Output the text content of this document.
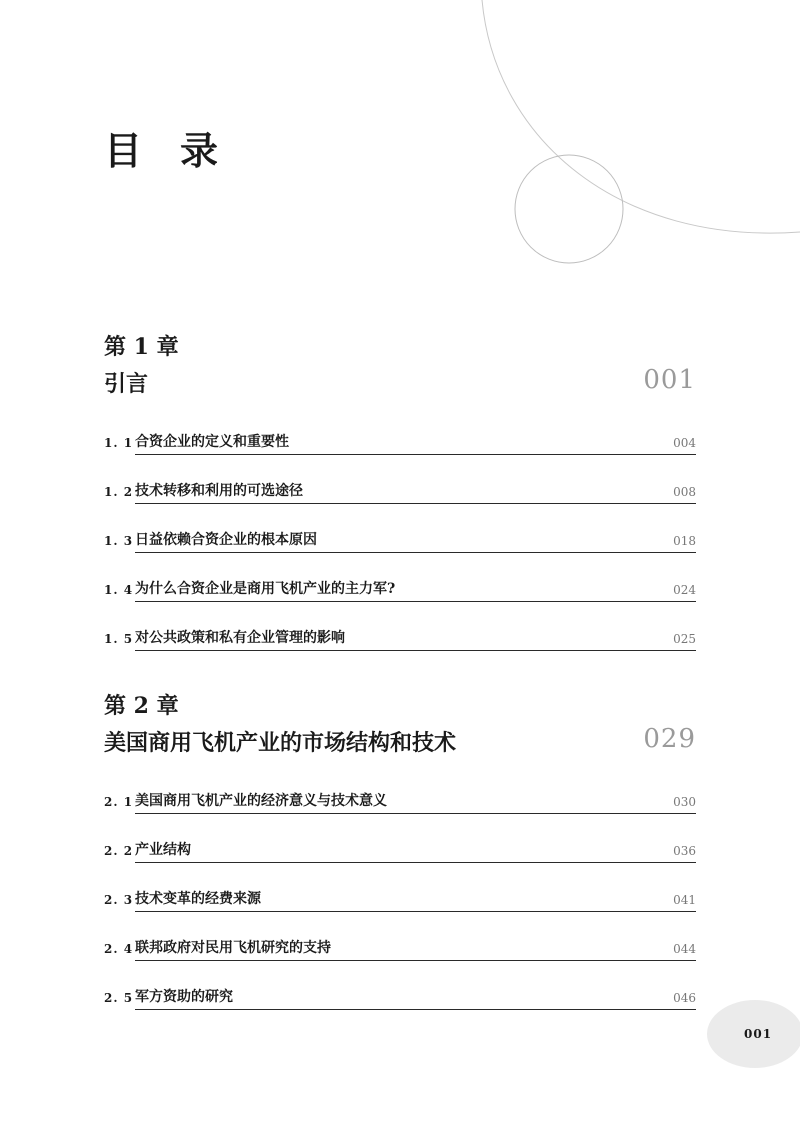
目录
第 1 章
引言	001
1. 1 合资企业的定义和重要性	004
1. 2 技术转移和利用的可选途径	008
1. 3 日益依赖合资企业的根本原因	018
1. 4 为什么合资企业是商用飞机产业的主力军?	024
1. 5 对公共政策和私有企业管理的影响	025
第 2 章
美国商用飞机产业的市场结构和技术	029
2. 1 美国商用飞机产业的经济意义与技术意义	030
2. 2 产业结构	036
2. 3 技术变革的经费来源	041
2. 4 联邦政府对民用飞机研究的支持	044
2. 5 军方资助的研究	046
001
